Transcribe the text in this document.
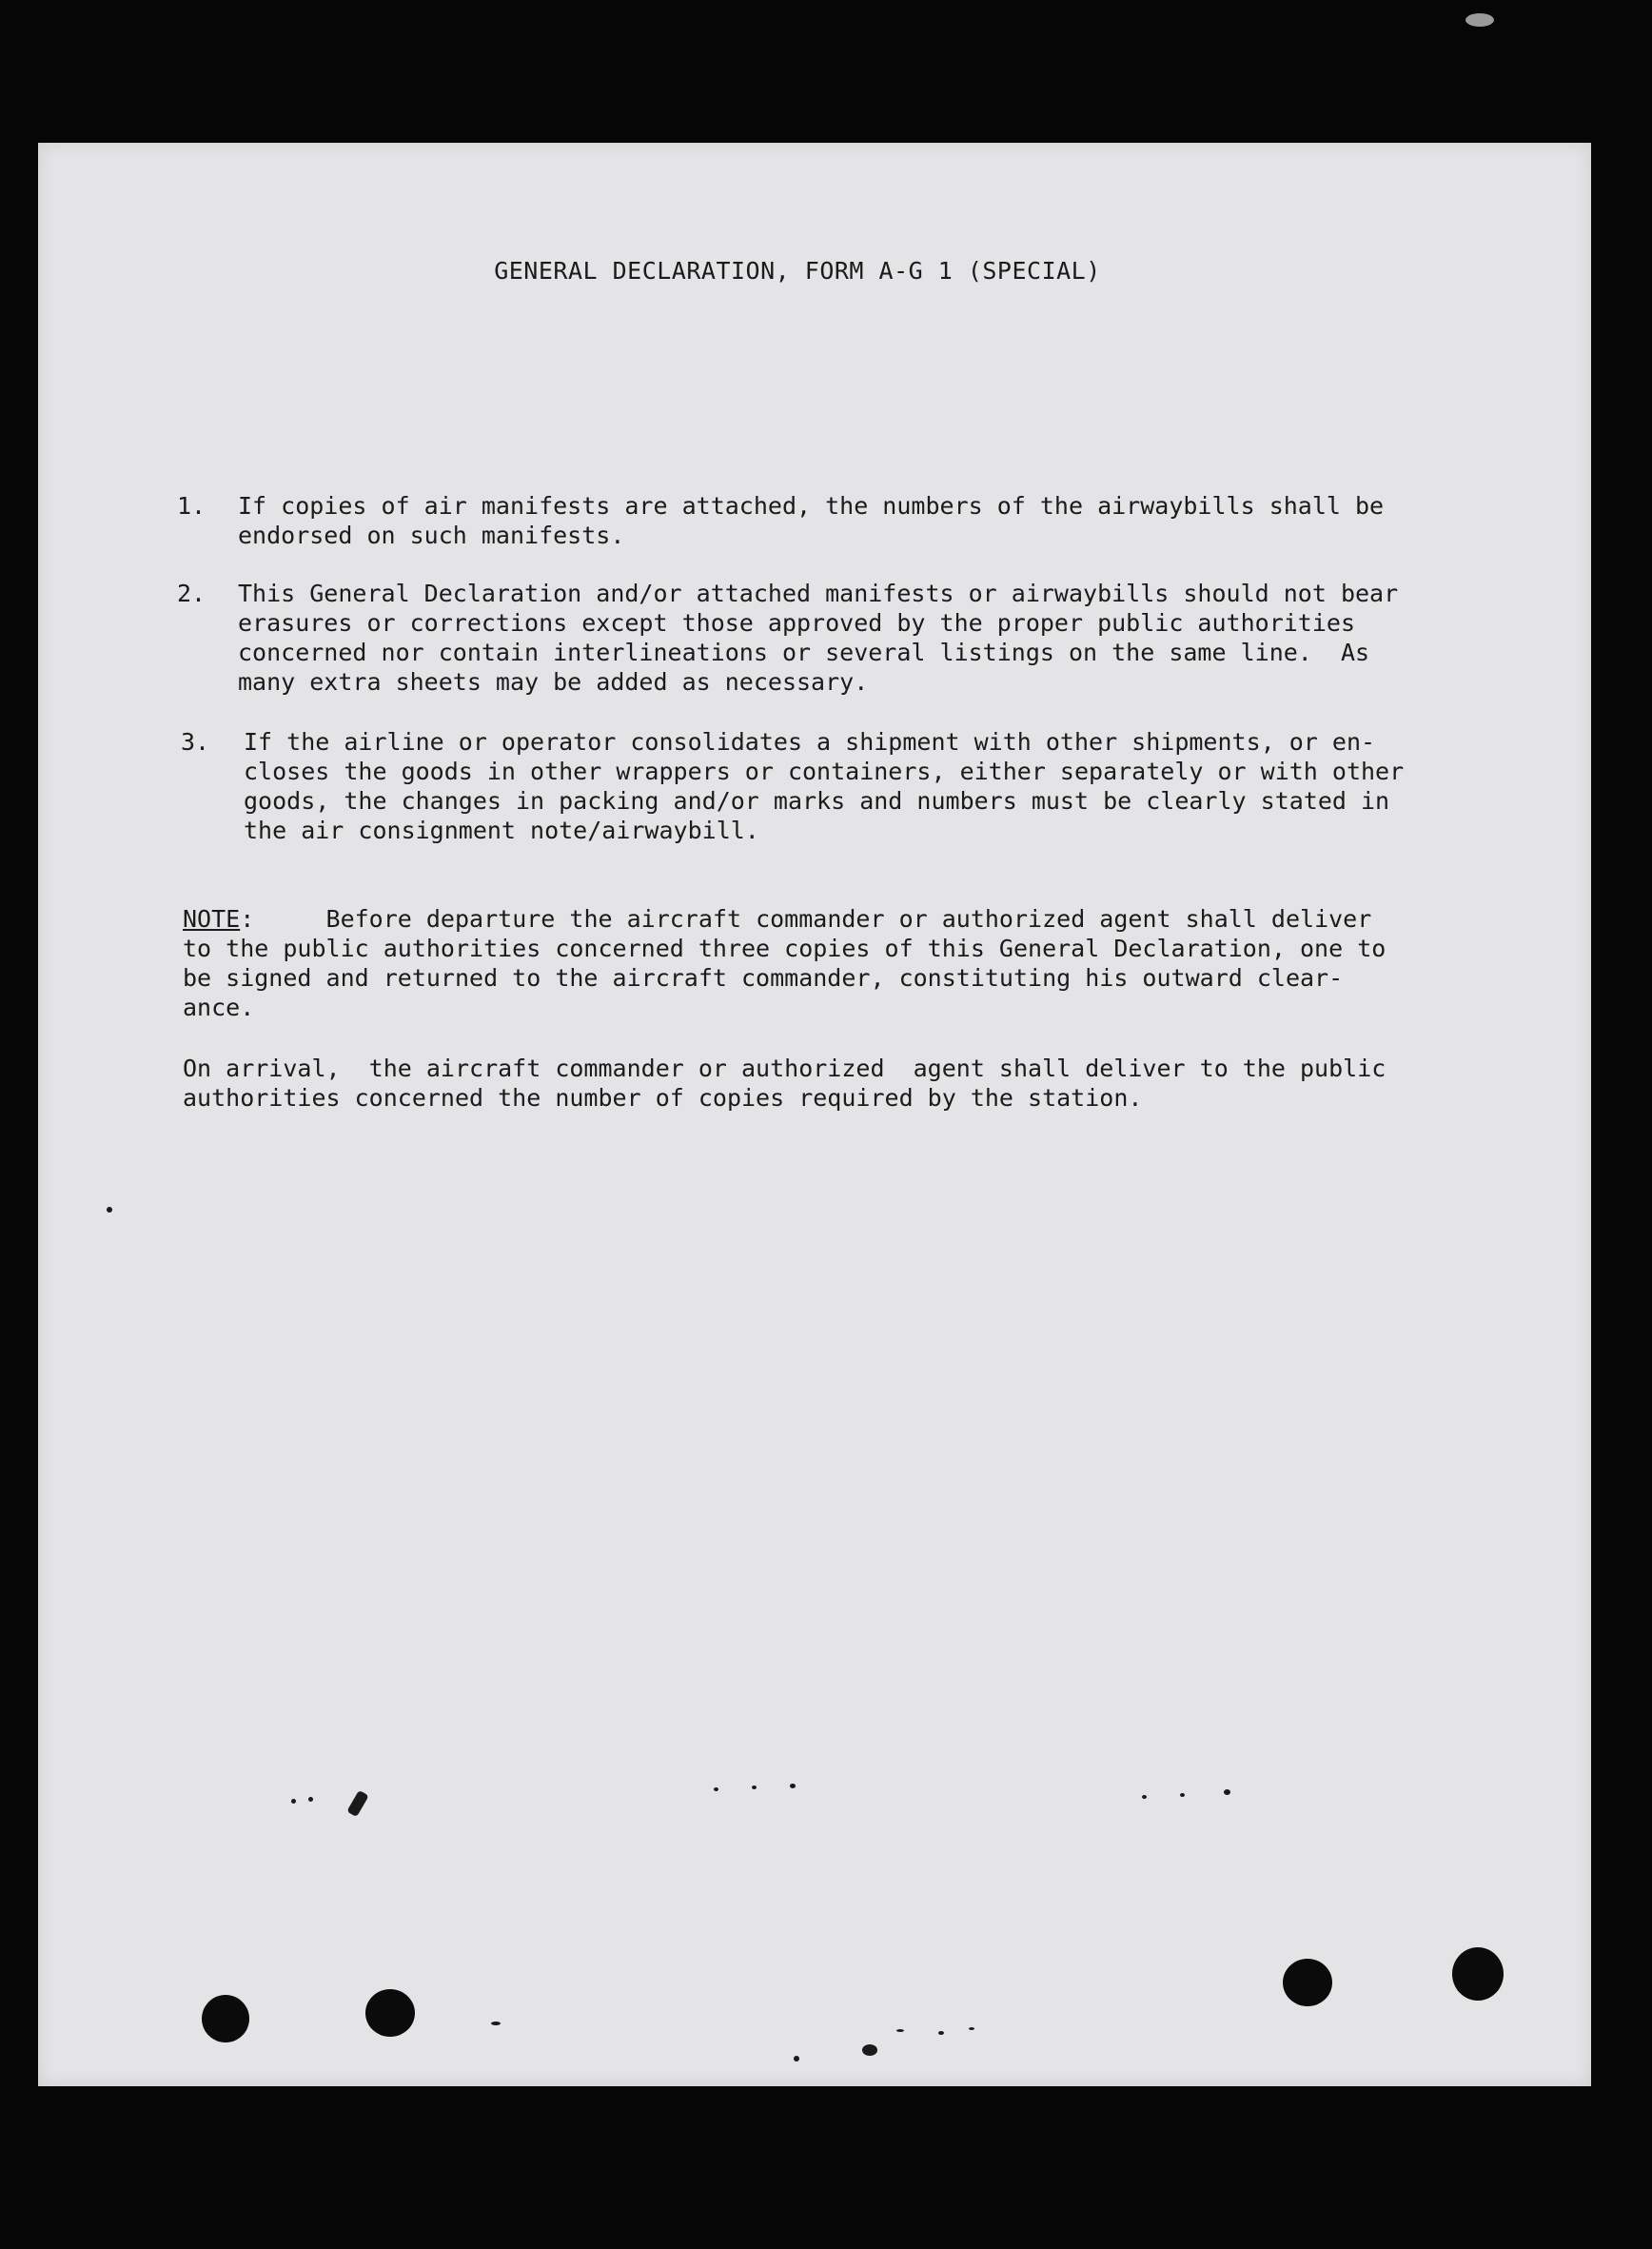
GENERAL DECLARATION, FORM A-G 1 (SPECIAL)
1.	If copies of air manifests are attached, the numbers of the airwaybills shall be
endorsed on such manifests.
2.	This General Declaration and/or attached manifests or airwaybills should not bear
erasures or corrections except those approved by the proper public authorities
concerned nor contain interlineations or several listings on the same line.  As
many extra sheets may be added as necessary.
3.	If the airline or operator consolidates a shipment with other shipments, or en-
closes the goods in other wrappers or containers, either separately or with other
goods, the changes in packing and/or marks and numbers must be clearly stated in
the air consignment note/airwaybill.
NOTE:     Before departure the aircraft commander or authorized agent shall deliver
to the public authorities concerned three copies of this General Declaration, one to
be signed and returned to the aircraft commander, constituting his outward clear-
ance.
On arrival,  the aircraft commander or authorized  agent shall deliver to the public
authorities concerned the number of copies required by the station.
